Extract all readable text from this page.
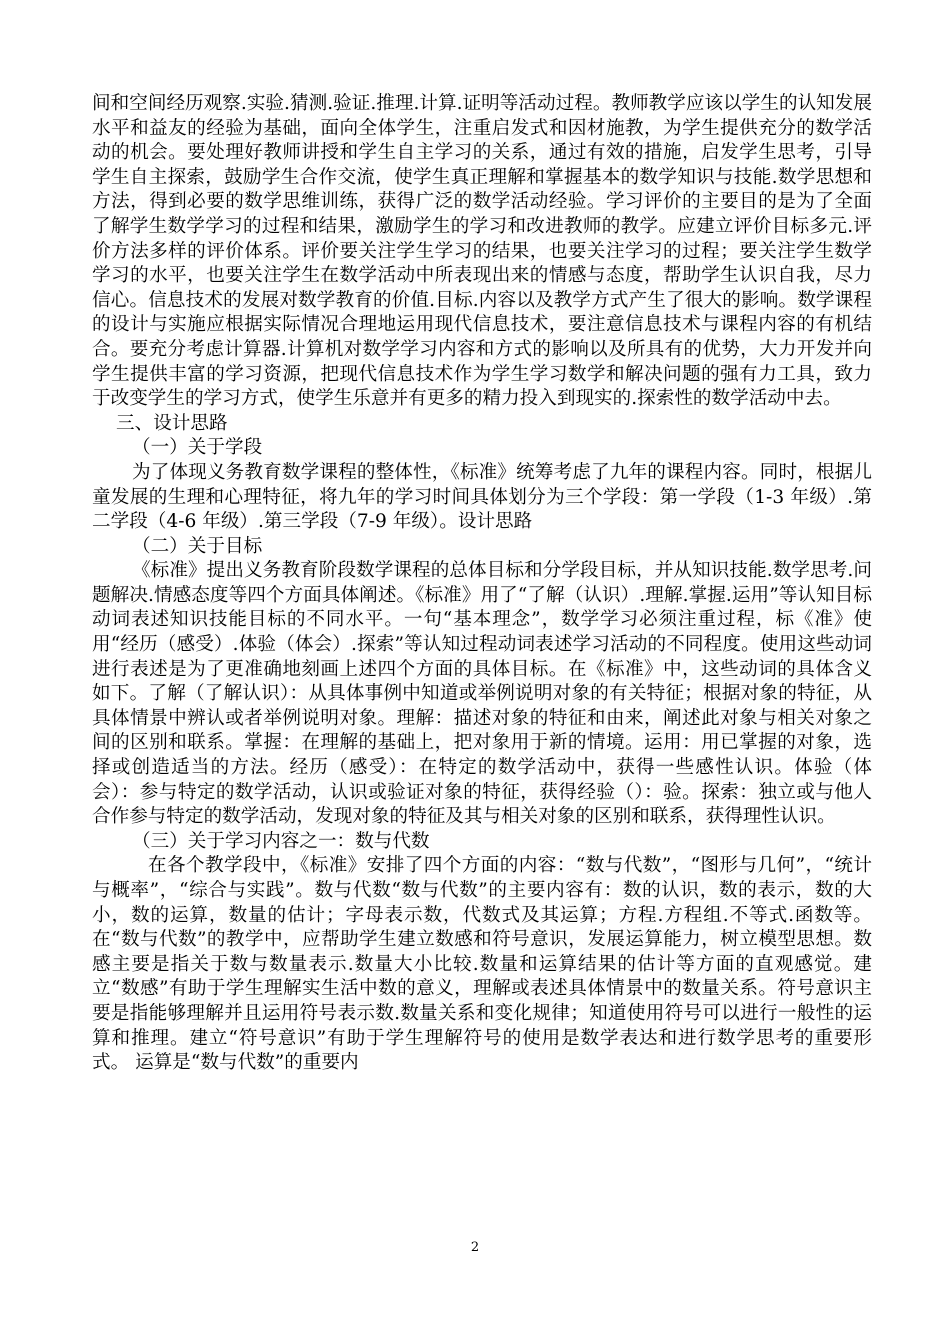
间和空间经历观察.实验.猜测.验证.推理.计算.证明等活动过程。教师教学应该以学生的认知发展水平和益友的经验为基础，面向全体学生，注重启发式和因材施教，为学生提供充分的数学活动的机会。要处理好教师讲授和学生自主学习的关系，通过有效的措施，启发学生思考，引导学生自主探索，鼓励学生合作交流，使学生真正理解和掌握基本的数学知识与技能.数学思想和方法，得到必要的数学思维训练，获得广泛的数学活动经验。学习评价的主要目的是为了全面了解学生数学学习的过程和结果，激励学生的学习和改进教师的教学。应建立评价目标多元.评价方法多样的评价体系。评价要关注学生学习的结果，也要关注学习的过程；要关注学生数学学习的水平，也要关注学生在数学活动中所表现出来的情感与态度，帮助学生认识自我，尽力信心。信息技术的发展对数学教育的价值.目标.内容以及教学方式产生了很大的影响。数学课程的设计与实施应根据实际情况合理地运用现代信息技术，要注意信息技术与课程内容的有机结合。要充分考虑计算器.计算机对数学学习内容和方式的影响以及所具有的优势，大力开发并向学生提供丰富的学习资源，把现代信息技术作为学生学习数学和解决问题的强有力工具，致力于改变学生的学习方式，使学生乐意并有更多的精力投入到现实的.探索性的数学活动中去。

三、设计思路

（一）关于学段

为了体现义务教育数学课程的整体性，《标准》统筹考虑了九年的课程内容。同时，根据儿童发展的生理和心理特征，将九年的学习时间具体划分为三个学段：第一学段（1-3 年级）.第二学段（4-6 年级）.第三学段（7-9 年级）。设计思路

（二）关于目标

《标准》提出义务教育阶段数学课程的总体目标和分学段目标，并从知识技能.数学思考.问题解决.情感态度等四个方面具体阐述。《标准》用了“了解（认识）.理解.掌握.运用”等认知目标动词表述知识技能目标的不同水平。一句“基本理念”，数学学习必须注重过程，标《准》使用“经历（感受）.体验（体会）.探索”等认知过程动词表述学习活动的不同程度。使用这些动词进行表述是为了更准确地刻画上述四个方面的具体目标。在《标准》中，这些动词的具体含义如下。了解（了解认识）：从具体事例中知道或举例说明对象的有关特征；根据对象的特征，从具体情景中辨认或者举例说明对象。理解：描述对象的特征和由来，阐述此对象与相关对象之间的区别和联系。掌握：在理解的基础上，把对象用于新的情境。运用：用已掌握的对象，选择或创造适当的方法。经历（感受）：在特定的数学活动中，获得一些感性认识。体验（体会）：参与特定的数学活动，认识或验证对象的特征，获得经验（）：验。探索：独立或与他人合作参与特定的数学活动，发现对象的特征及其与相关对象的区别和联系，获得理性认识。

（三）关于学习内容之一：数与代数

在各个教学段中，《标准》安排了四个方面的内容：“数与代数”，“图形与几何”，“统计与概率”，“综合与实践”。数与代数“数与代数”的主要内容有：数的认识，数的表示，数的大小，数的运算，数量的估计；字母表示数，代数式及其运算；方程.方程组.不等式.函数等。在“数与代数”的教学中，应帮助学生建立数感和符号意识，发展运算能力，树立模型思想。数感主要是指关于数与数量表示.数量大小比较.数量和运算结果的估计等方面的直观感觉。建立“数感”有助于学生理解实生活中数的意义，理解或表述具体情景中的数量关系。符号意识主要是指能够理解并且运用符号表示数.数量关系和变化规律；知道使用符号可以进行一般性的运算和推理。建立“符号意识”有助于学生理解符号的使用是数学表达和进行数学思考的重要形式。 运算是“数与代数”的重要内

2
